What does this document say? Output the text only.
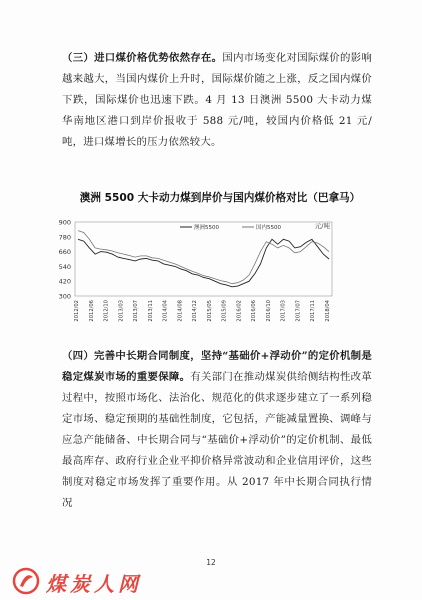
（三）进口煤价格优势依然存在。国内市场变化对国际煤价的影响越来越大，当国内煤价上升时，国际煤价随之上涨，反之国内煤价下跌，国际煤价也迅速下跌。4 月 13 日澳洲 5500 大卡动力煤华南地区港口到岸价报收于 588 元/吨，较国内价格低 21 元/吨，进口煤增长的压力依然较大。
澳洲 5500 大卡动力煤到岸价与国内煤价格对比（巴拿马）
300
420
540
660
780
900	元/吨
2012/02 2012/06 2012/10 2013/03 2013/07 2013/11 2014/04 2014/08 2014/12 2015/05 2015/09 2016/02 2016/06 2016/10 2017/03 2017/07 2017/11 2018/04
澳洲5500	国内5500
（四）完善中长期合同制度，坚持“基础价+浮动价”的定价机制是稳定煤炭市场的重要保障。有关部门在推动煤炭供给侧结构性改革过程中，按照市场化、法治化、规范化的供求逐步建立了一系列稳定市场、稳定预期的基础性制度，它包括，产能减量置换、调峰与应急产能储备、中长期合同与“基础价+浮动价”的定价机制、最低最高库存、政府行业企业平抑价格异常波动和企业信用评价，这些制度对稳定市场发挥了重要作用。从 2017 年中长期合同执行情况
12
煤炭人网
